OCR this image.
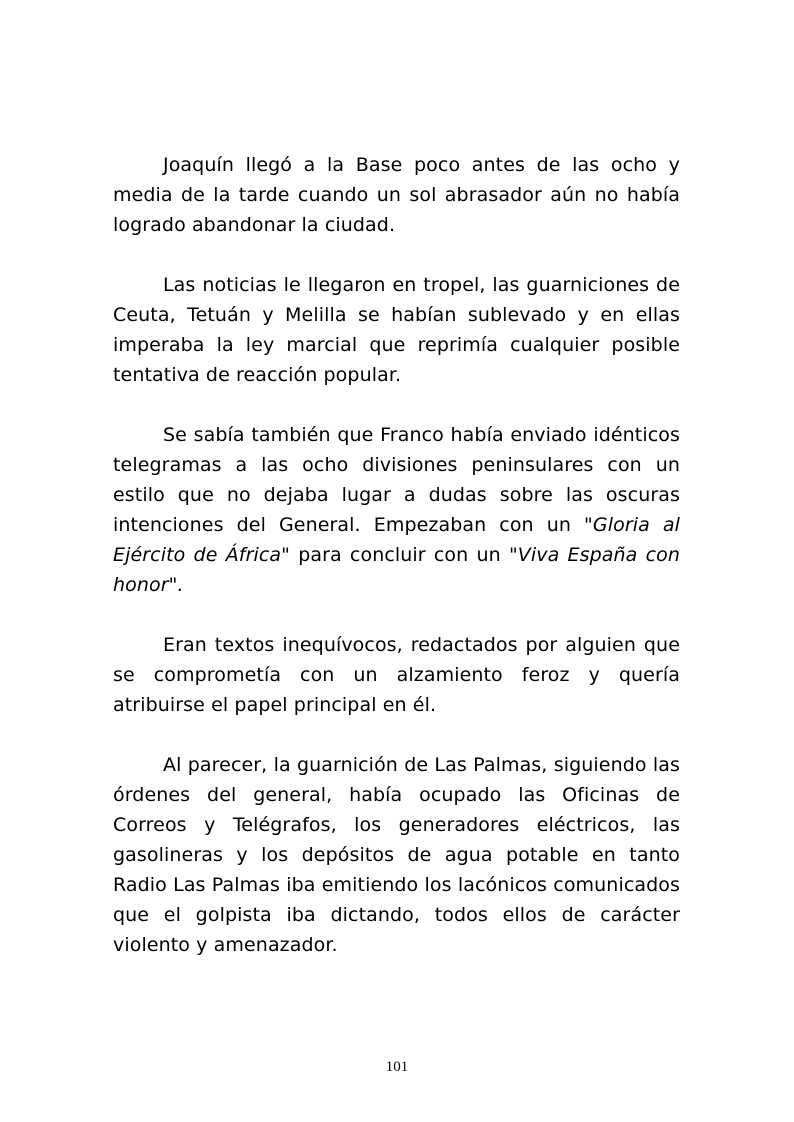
Joaquín llegó a la Base poco antes de las ocho y media de la tarde cuando un sol abrasador aún no había logrado abandonar la ciudad.

Las noticias le llegaron en tropel, las guarniciones de Ceuta, Tetuán y Melilla se habían sublevado y en ellas imperaba la ley marcial que reprimía cualquier posible tentativa de reacción popular.

Se sabía también que Franco había enviado idénticos telegramas a las ocho divisiones peninsulares con un estilo que no dejaba lugar a dudas sobre las oscuras intenciones del General. Empezaban con un "Gloria al Ejército de África" para concluir con un "Viva España con honor".

Eran textos inequívocos, redactados por alguien que se comprometía con un alzamiento feroz y quería atribuirse el papel principal en él.

Al parecer, la guarnición de Las Palmas, siguiendo las órdenes del general, había ocupado las Oficinas de Correos y Telégrafos, los generadores eléctricos, las gasolineras y los depósitos de agua potable en tanto Radio Las Palmas iba emitiendo los lacónicos comunicados que el golpista iba dictando, todos ellos de carácter violento y amenazador.

101
